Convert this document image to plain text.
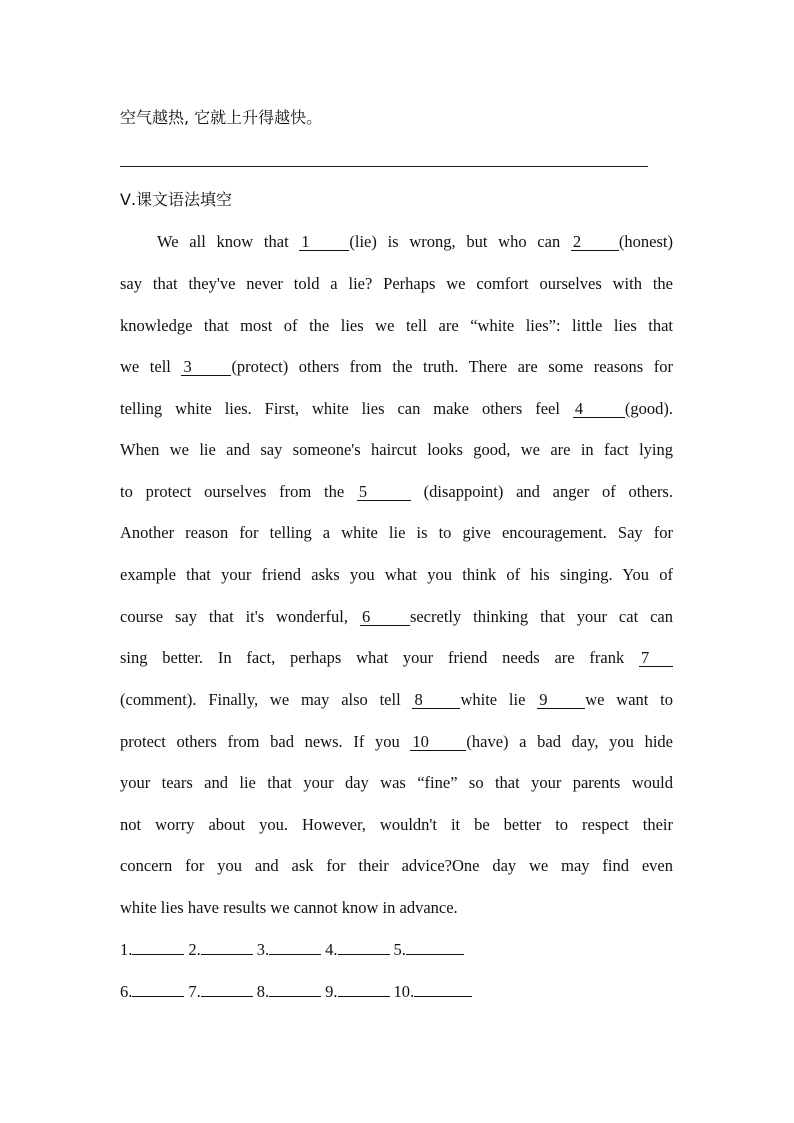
空气越热, 它就上升得越快。
Ⅴ.课文语法填空
We all know that 1 (lie) is wrong, but who can 2 (honest)
say that they've never told a lie? Perhaps we comfort ourselves with the
knowledge that most of the lies we tell are “white lies”: little lies that
we tell 3 (protect) others from the truth. There are some reasons for
telling white lies. First, white lies can make others feel 4	(good).
When we lie and say someone's haircut looks good, we are in fact lying
to protect ourselves from the 5	(disappoint) and anger of others.
Another reason for telling a white lie is to give encouragement. Say for
example that your friend asks you what you think of his singing. You of
course say that it's wonderful, 6 secretly thinking that your cat can
sing better. In fact, perhaps what your friend needs are frank 7
(comment). Finally, we may also tell 8 white lie 9 we want to
protect others from bad news. If you 10 (have) a bad day, you hide
your tears and lie that your day was “fine” so that your parents would
not worry about you. However, wouldn't it be better to respect their
concern for you and ask for their advice?One day we may find even
white lies have results we cannot know in advance.
1.	2.	3.	4.	5.
6.	7.	8.	9.	10.
